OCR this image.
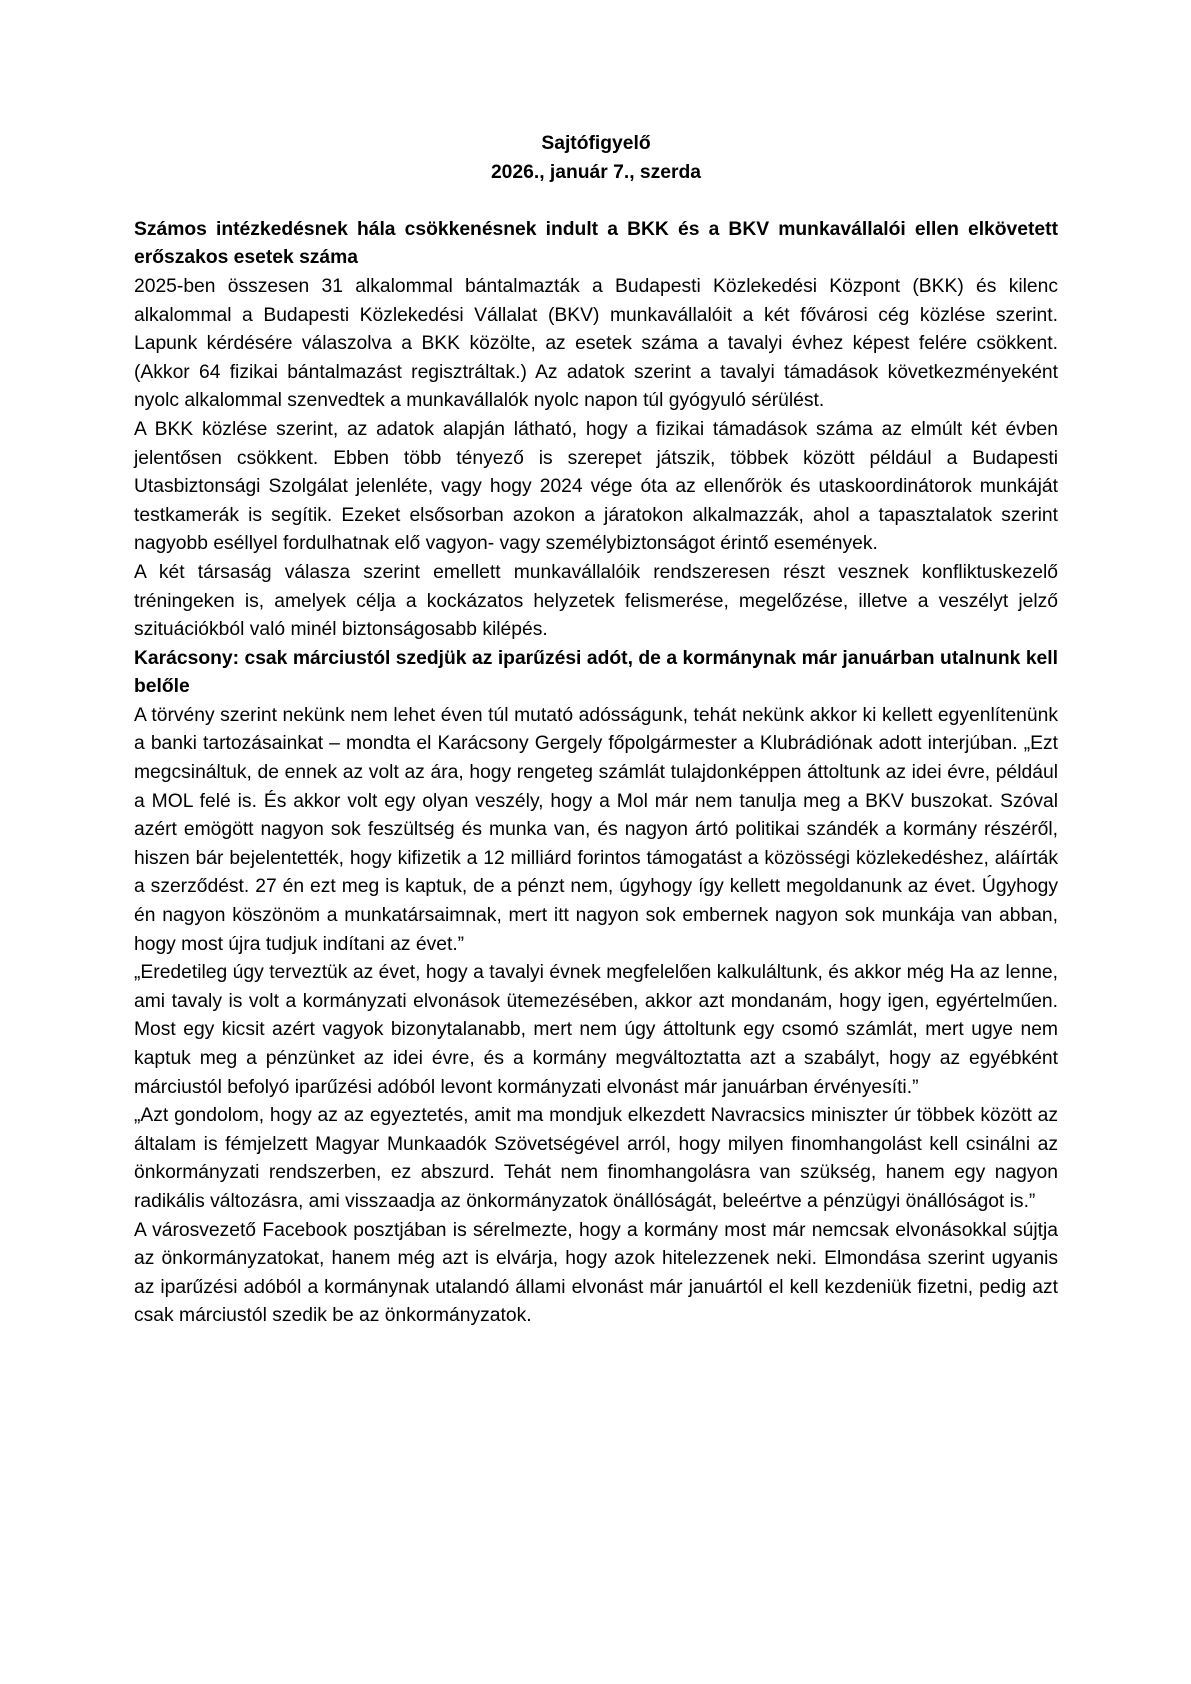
Sajtófigyelő

2026., január 7., szerda

Számos intézkedésnek hála csökkenésnek indult a BKK és a BKV munkavállalói ellen elkövetett erőszakos esetek száma

2025-ben összesen 31 alkalommal bántalmazták a Budapesti Közlekedési Központ (BKK) és kilenc alkalommal a Budapesti Közlekedési Vállalat (BKV) munkavállalóit a két fővárosi cég közlése szerint. Lapunk kérdésére válaszolva a BKK közölte, az esetek száma a tavalyi évhez képest felére csökkent. (Akkor 64 fizikai bántalmazást regisztráltak.) Az adatok szerint a tavalyi támadások következményeként nyolc alkalommal szenvedtek a munkavállalók nyolc napon túl gyógyuló sérülést.

A BKK közlése szerint, az adatok alapján látható, hogy a fizikai támadások száma az elmúlt két évben jelentősen csökkent. Ebben több tényező is szerepet játszik, többek között például a Budapesti Utasbiztonsági Szolgálat jelenléte, vagy hogy 2024 vége óta az ellenőrök és utaskoordinátorok munkáját testkamerák is segítik. Ezeket elsősorban azokon a járatokon alkalmazzák, ahol a tapasztalatok szerint nagyobb eséllyel fordulhatnak elő vagyon- vagy személybiztonságot érintő események.

A két társaság válasza szerint emellett munkavállalóik rendszeresen részt vesznek konfliktuskezelő tréningeken is, amelyek célja a kockázatos helyzetek felismerése, megelőzése, illetve a veszélyt jelző szituációkból való minél biztonságosabb kilépés.

Karácsony: csak márciustól szedjük az iparűzési adót, de a kormánynak már januárban utalnunk kell belőle

A törvény szerint nekünk nem lehet éven túl mutató adósságunk, tehát nekünk akkor ki kellett egyenlítenünk a banki tartozásainkat – mondta el Karácsony Gergely főpolgármester a Klubrádiónak adott interjúban. „Ezt megcsináltuk, de ennek az volt az ára, hogy rengeteg számlát tulajdonképpen áttoltunk az idei évre, például a MOL felé is. És akkor volt egy olyan veszély, hogy a Mol már nem tanulja meg a BKV buszokat. Szóval azért emögött nagyon sok feszültség és munka van, és nagyon ártó politikai szándék a kormány részéről, hiszen bár bejelentették, hogy kifizetik a 12 milliárd forintos támogatást a közösségi közlekedéshez, aláírták a szerződést. 27 én ezt meg is kaptuk, de a pénzt nem, úgyhogy így kellett megoldanunk az évet. Úgyhogy én nagyon köszönöm a munkatársaimnak, mert itt nagyon sok embernek nagyon sok munkája van abban, hogy most újra tudjuk indítani az évet.”

„Eredetileg úgy terveztük az évet, hogy a tavalyi évnek megfelelően kalkuláltunk, és akkor még Ha az lenne, ami tavaly is volt a kormányzati elvonások ütemezésében, akkor azt mondanám, hogy igen, egyértelműen. Most egy kicsit azért vagyok bizonytalanabb, mert nem úgy áttoltunk egy csomó számlát, mert ugye nem kaptuk meg a pénzünket az idei évre, és a kormány megváltoztatta azt a szabályt, hogy az egyébként márciustól befolyó iparűzési adóból levont kormányzati elvonást már januárban érvényesíti.”

„Azt gondolom, hogy az az egyeztetés, amit ma mondjuk elkezdett Navracsics miniszter úr többek között az általam is fémjelzett Magyar Munkaadók Szövetségével arról, hogy milyen finomhangolást kell csinálni az önkormányzati rendszerben, ez abszurd. Tehát nem finomhangolásra van szükség, hanem egy nagyon radikális változásra, ami visszaadja az önkormányzatok önállóságát, beleértve a pénzügyi önállóságot is.”

A városvezető Facebook posztjában is sérelmezte, hogy a kormány most már nemcsak elvonásokkal sújtja az önkormányzatokat, hanem még azt is elvárja, hogy azok hitelezzenek neki. Elmondása szerint ugyanis az iparűzési adóból a kormánynak utalandó állami elvonást már januártól el kell kezdeniük fizetni, pedig azt csak márciustól szedik be az önkormányzatok.
